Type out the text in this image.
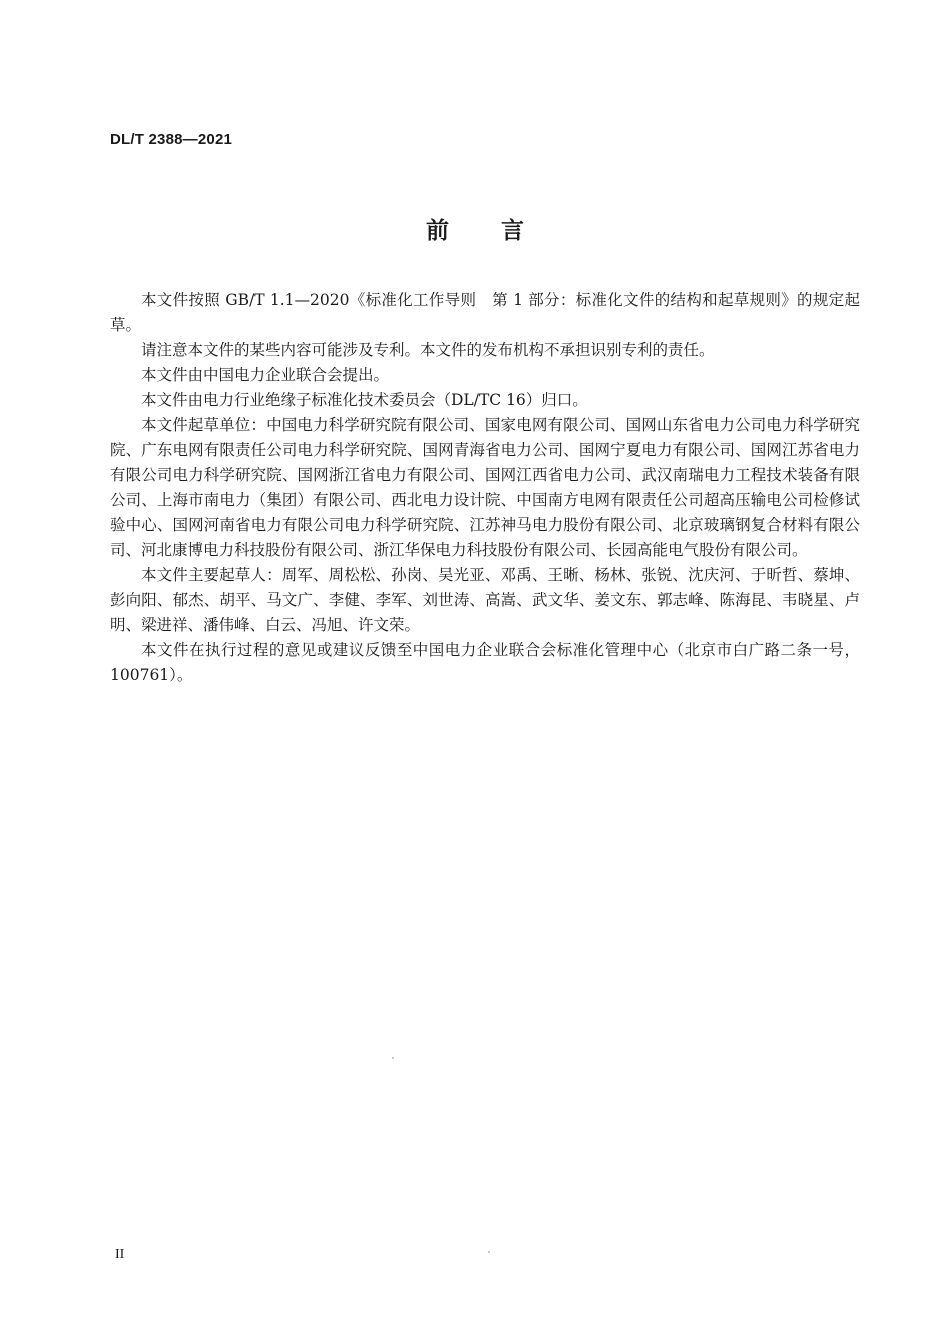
DL/T 2388—2021
前 言

本文件按照 GB/T 1.1—2020《标准化工作导则　第 1 部分：标准化文件的结构和起草规则》的规定起草。

请注意本文件的某些内容可能涉及专利。本文件的发布机构不承担识别专利的责任。

本文件由中国电力企业联合会提出。

本文件由电力行业绝缘子标准化技术委员会（DL/TC 16）归口。

本文件起草单位：中国电力科学研究院有限公司、国家电网有限公司、国网山东省电力公司电力科学研究院、广东电网有限责任公司电力科学研究院、国网青海省电力公司、国网宁夏电力有限公司、国网江苏省电力有限公司电力科学研究院、国网浙江省电力有限公司、国网江西省电力公司、武汉南瑞电力工程技术装备有限公司、上海市南电力（集团）有限公司、西北电力设计院、中国南方电网有限责任公司超高压输电公司检修试验中心、国网河南省电力有限公司电力科学研究院、江苏神马电力股份有限公司、北京玻璃钢复合材料有限公司、河北康博电力科技股份有限公司、浙江华保电力科技股份有限公司、长园高能电气股份有限公司。

本文件主要起草人：周军、周松松、孙岗、吴光亚、邓禹、王晰、杨林、张锐、沈庆河、于昕哲、蔡坤、彭向阳、郁杰、胡平、马文广、李健、李军、刘世涛、高嵩、武文华、姜文东、郭志峰、陈海昆、韦晓星、卢明、梁进祥、潘伟峰、白云、冯旭、许文荣。

本文件在执行过程的意见或建议反馈至中国电力企业联合会标准化管理中心（北京市白广路二条一号，100761）。

II
